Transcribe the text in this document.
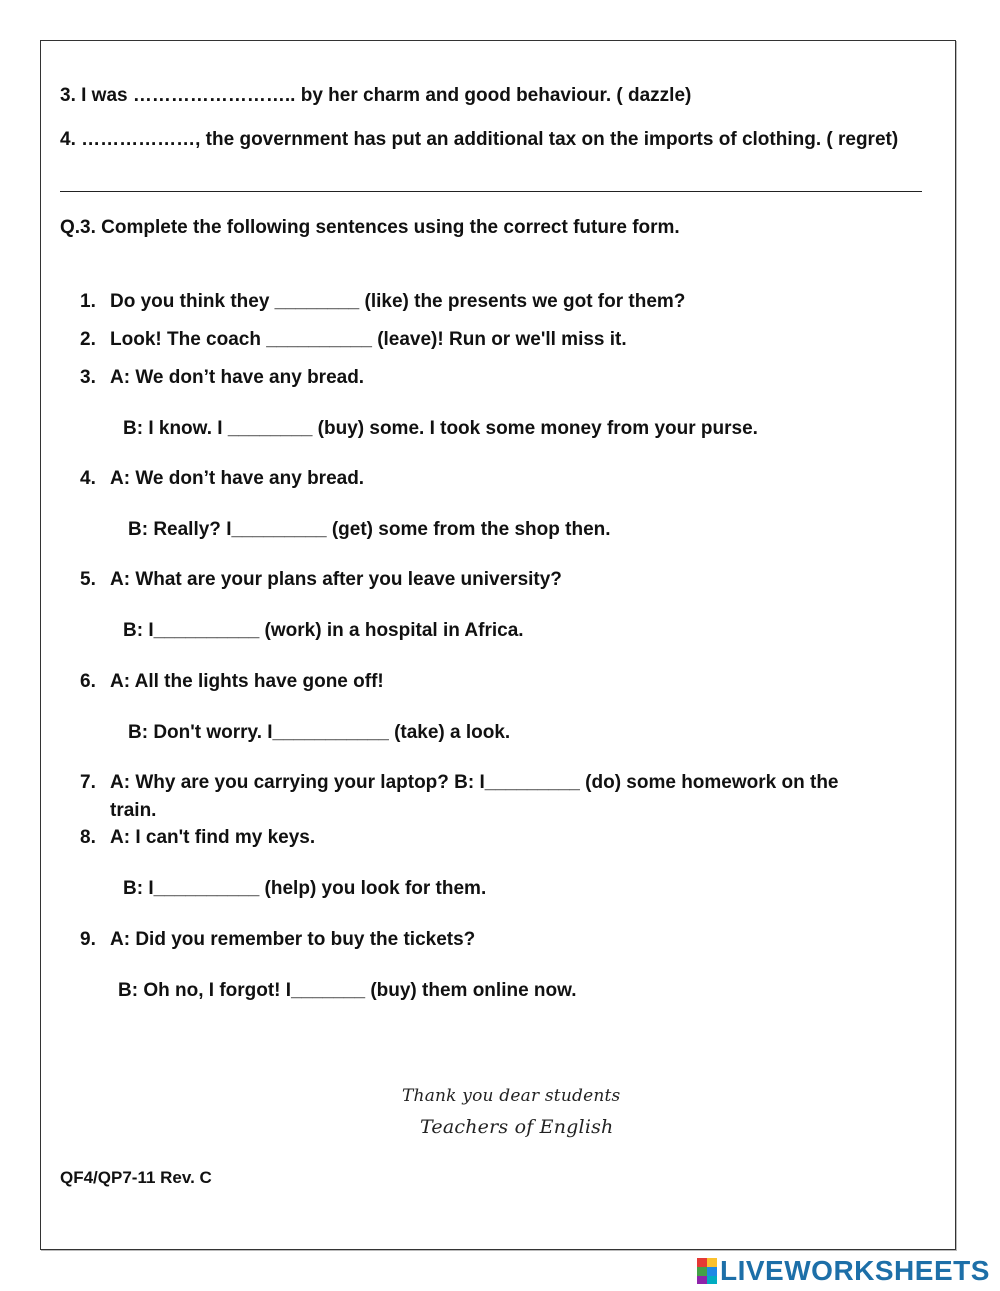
3. I was …………………….. by her charm and good behaviour. ( dazzle)
4. ………………, the government has put an additional tax on the imports of clothing. ( regret)
Q.3. Complete the following sentences using the correct future form.
1. Do you think they ________ (like) the presents we got for them?
2. Look! The coach __________ (leave)! Run or we'll miss it.
3. A: We don’t have any bread.
B: I know. I ________ (buy) some. I took some money from your purse.
4. A: We don’t have any bread.
B: Really? I_________ (get) some from the shop then.
5. A: What are your plans after you leave university?
B: I__________ (work) in a hospital in Africa.
6. A: All the lights have gone off!
B: Don't worry. I___________ (take) a look.
7. A: Why are you carrying your laptop? B: I_________ (do) some homework on the
train.
8. A: I can't find my keys.
B: I__________ (help) you look for them.
9. A: Did you remember to buy the tickets?
B: Oh no, I forgot! I_______ (buy) them online now.
Thank you dear students
Teachers of English
QF4/QP7-11 Rev. C
LIVEWORKSHEETS
